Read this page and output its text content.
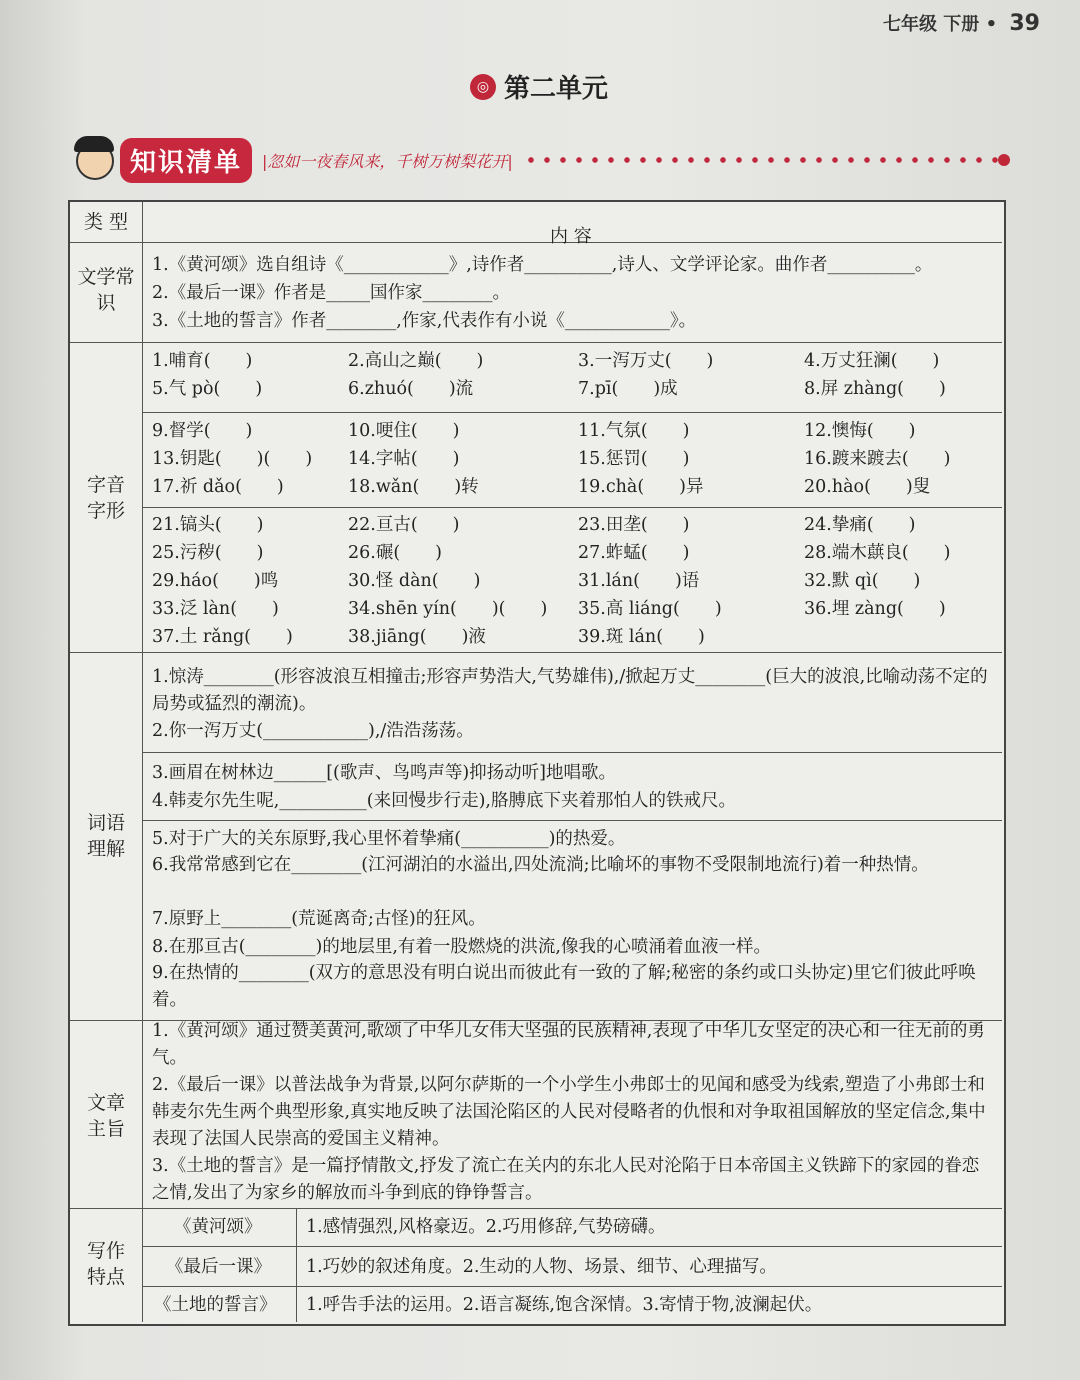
七年级 下册 • 39
◎ 第二单元
知识清单	|忽如一夜春风来，千树万树梨花开|
类 型
内 容
文学常识
1.《黄河颂》选自组诗《____________》,诗作者__________,诗人、文学评论家。曲作者__________。
2.《最后一课》作者是_____国作家________。
3.《土地的誓言》作者________,作家,代表作有小说《____________》。
字音字形
1.哺育(　　)	2.高山之巅(　　)	3.一泻万丈(　　)	4.万丈狂澜(　　)
5.气 pò(　　)	6.zhuó(　　)流	7.pī(　　)成	8.屏 zhàng(　　)
9.督学(　　)	10.哽住(　　)	11.气氛(　　)	12.懊悔(　　)
13.钥匙(　　)(　　) 14.字帖(　　)	15.惩罚(　　)	16.踱来踱去(　　)
17.祈 dǎo(　　)	18.wǎn(　　)转	19.chà(　　)异	20.hào(　　)叟
21.镐头(　　)	22.亘古(　　)	23.田垄(　　)	24.挚痛(　　)
25.污秽(　　)	26.碾(　　)	27.蚱蜢(　　)	28.端木蕻良(　　)
29.háo(　　)鸣	30.怪 dàn(　　)	31.lán(　　)语	32.默 qì(　　)
33.泛 làn(　　)	34.shēn yín(　　)(　　) 35.高 liáng(　　)	36.埋 zàng(　　)
37.土 rǎng(　　)	38.jiāng(　　)液	39.斑 lán(　　)
词语理解
1.惊涛________(形容波浪互相撞击;形容声势浩大,气势雄伟),/掀起万丈________(巨大的波浪,比喻动荡不定的局势或猛烈的潮流)。
2.你一泻万丈(____________),/浩浩荡荡。
3.画眉在树林边______[(歌声、鸟鸣声等)抑扬动听]地唱歌。
4.韩麦尔先生呢,__________(来回慢步行走),胳膊底下夹着那怕人的铁戒尺。
5.对于广大的关东原野,我心里怀着挚痛(__________)的热爱。
6.我常常感到它在________(江河湖泊的水溢出,四处流淌;比喻坏的事物不受限制地流行)着一种热情。
7.原野上________(荒诞离奇;古怪)的狂风。
8.在那亘古(________)的地层里,有着一股燃烧的洪流,像我的心喷涌着血液一样。
9.在热情的________(双方的意思没有明白说出而彼此有一致的了解;秘密的条约或口头协定)里它们彼此呼唤着。
文章主旨
1.《黄河颂》通过赞美黄河,歌颂了中华儿女伟大坚强的民族精神,表现了中华儿女坚定的决心和一往无前的勇气。
2.《最后一课》以普法战争为背景,以阿尔萨斯的一个小学生小弗郎士的见闻和感受为线索,塑造了小弗郎士和韩麦尔先生两个典型形象,真实地反映了法国沦陷区的人民对侵略者的仇恨和对争取祖国解放的坚定信念,集中表现了法国人民崇高的爱国主义精神。
3.《土地的誓言》是一篇抒情散文,抒发了流亡在关内的东北人民对沦陷于日本帝国主义铁蹄下的家园的眷恋之情,发出了为家乡的解放而斗争到底的铮铮誓言。
写作特点
《黄河颂》	1.感情强烈,风格豪迈。2.巧用修辞,气势磅礴。
《最后一课》 1.巧妙的叙述角度。2.生动的人物、场景、细节、心理描写。
《土地的誓言》 1.呼告手法的运用。2.语言凝练,饱含深情。3.寄情于物,波澜起伏。
